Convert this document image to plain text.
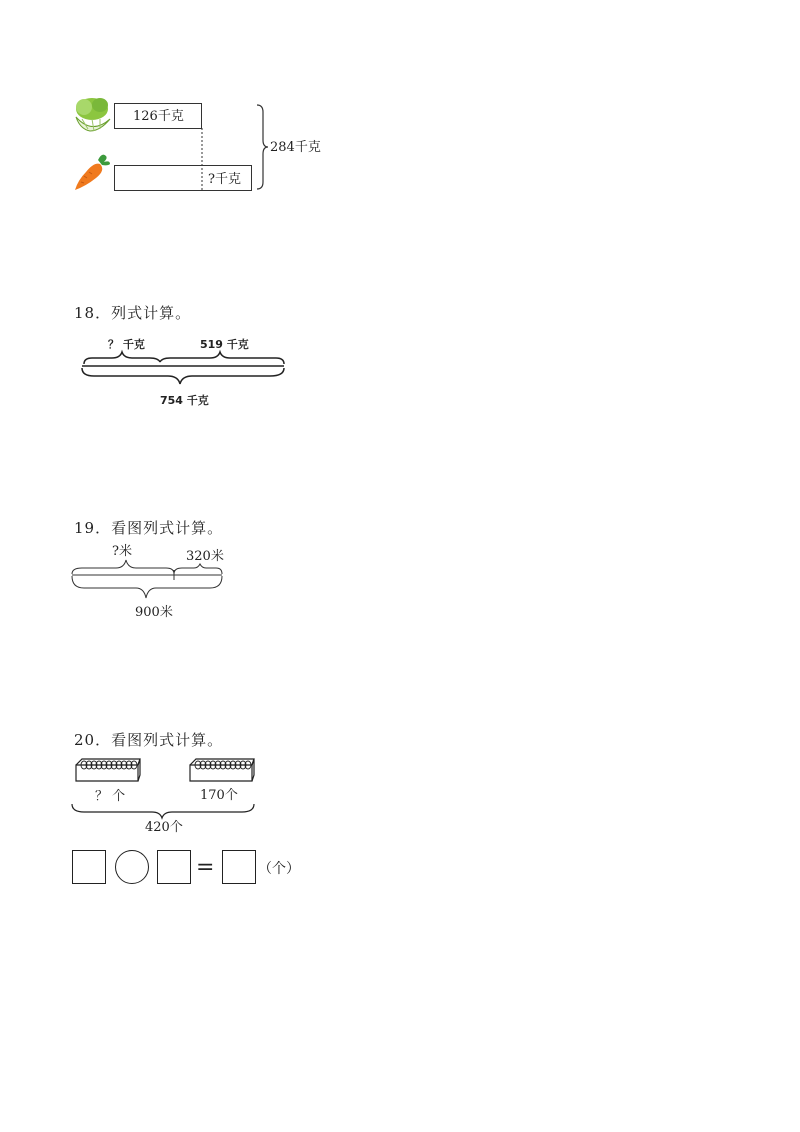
126千克
?千克
284千克
18．列式计算。
？ 千克	519 千克
754 千克
19．看图列式计算。
?米	320米
900米
20．看图列式计算。
？ 个	170个
420个
=	（个）
